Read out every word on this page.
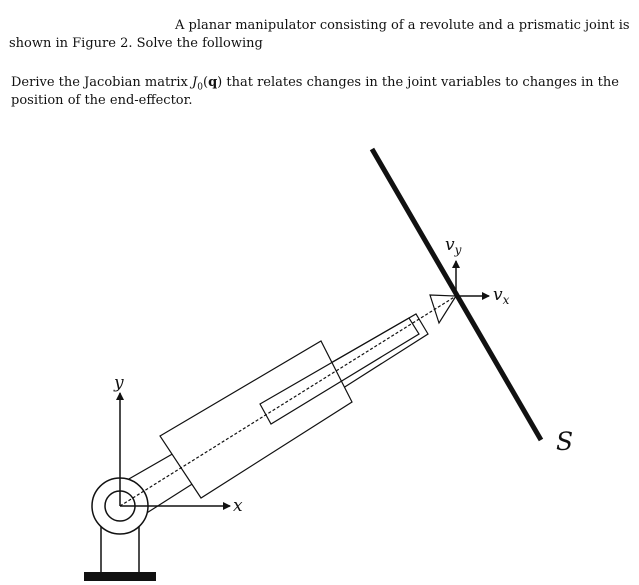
A planar manipulator consisting of a revolute and a prismatic joint is
shown in Figure 2. Solve the following
Derive the Jacobian matrix $J_0(q)$ that relates changes in the joint variables to changes in the
position of the end-effector.
y
x
$v_y$
$v_x$
S
